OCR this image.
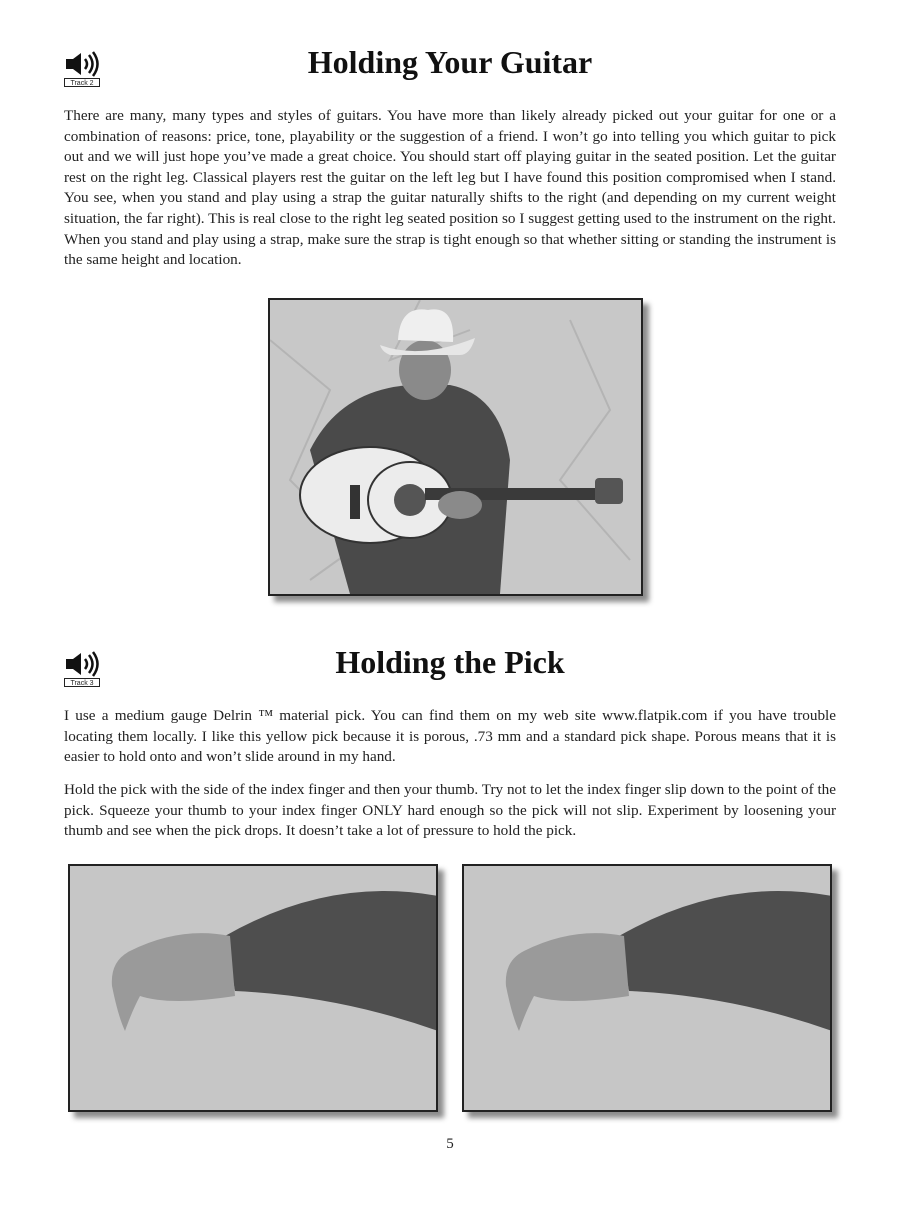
Track 2
Holding Your Guitar

There are many, many types and styles of guitars. You have more than likely already picked out your guitar for one or a combination of reasons: price, tone, playability or the suggestion of a friend. I won’t go into telling you which guitar to pick out and we will just hope you’ve made a great choice. You should start off playing guitar in the seated position. Let the guitar rest on the right leg. Classical players rest the guitar on the left leg but I have found this position compromised when I stand. You see, when you stand and play using a strap the guitar naturally shifts to the right (and depending on my current weight situation, the far right). This is real close to the right leg seated position so I suggest getting used to the instrument on the right. When you stand and play using a strap, make sure the strap is tight enough so that whether sitting or standing the instrument is the same height and location.

Track 3
Holding the Pick

I use a medium gauge Delrin ™ material pick. You can find them on my web site www.flatpik.com if you have trouble locating them locally. I like this yellow pick because it is porous, .73 mm and a standard pick shape. Porous means that it is easier to hold onto and won’t slide around in my hand.

Hold the pick with the side of the index finger and then your thumb. Try not to let the index finger slip down to the point of the pick. Squeeze your thumb to your index finger ONLY hard enough so the pick will not slip. Experiment by loosening your thumb and see when the pick drops. It doesn’t take a lot of pressure to hold the pick.

5
